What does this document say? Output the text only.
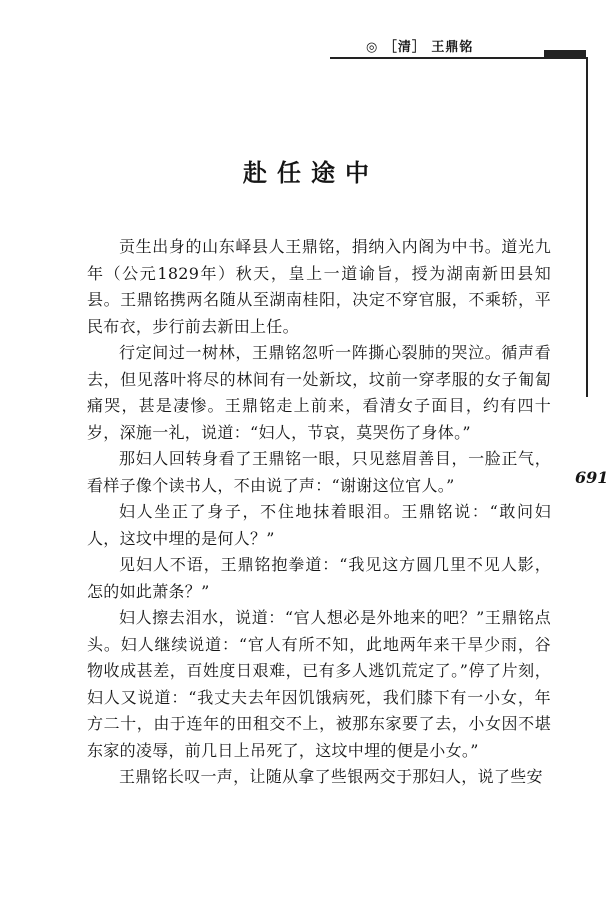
◎ ［清］ 王鼎铭
赴任途中
691

贡生出身的山东峄县人王鼎铭，捐纳入内阁为中书。道光九年（公元1829年）秋天，皇上一道谕旨，授为湖南新田县知县。王鼎铭携两名随从至湖南桂阳，决定不穿官服，不乘轿，平民布衣，步行前去新田上任。

行定间过一树林，王鼎铭忽听一阵撕心裂肺的哭泣。循声看去，但见落叶将尽的林间有一处新坟，坟前一穿孝服的女子匍匐痛哭，甚是凄惨。王鼎铭走上前来，看清女子面目，约有四十岁，深施一礼，说道：“妇人，节哀，莫哭伤了身体。”

那妇人回转身看了王鼎铭一眼，只见慈眉善目，一脸正气，看样子像个读书人，不由说了声：“谢谢这位官人。”

妇人坐正了身子，不住地抹着眼泪。王鼎铭说：“敢问妇人，这坟中埋的是何人？”

见妇人不语，王鼎铭抱拳道：“我见这方圆几里不见人影，怎的如此萧条？”

妇人擦去泪水，说道：“官人想必是外地来的吧？”王鼎铭点头。妇人继续说道：“官人有所不知，此地两年来干旱少雨，谷物收成甚差，百姓度日艰难，已有多人逃饥荒定了。”停了片刻，妇人又说道：“我丈夫去年因饥饿病死，我们膝下有一小女，年方二十，由于连年的田租交不上，被那东家要了去，小女因不堪东家的凌辱，前几日上吊死了，这坟中埋的便是小女。”

王鼎铭长叹一声，让随从拿了些银两交于那妇人，说了些安
